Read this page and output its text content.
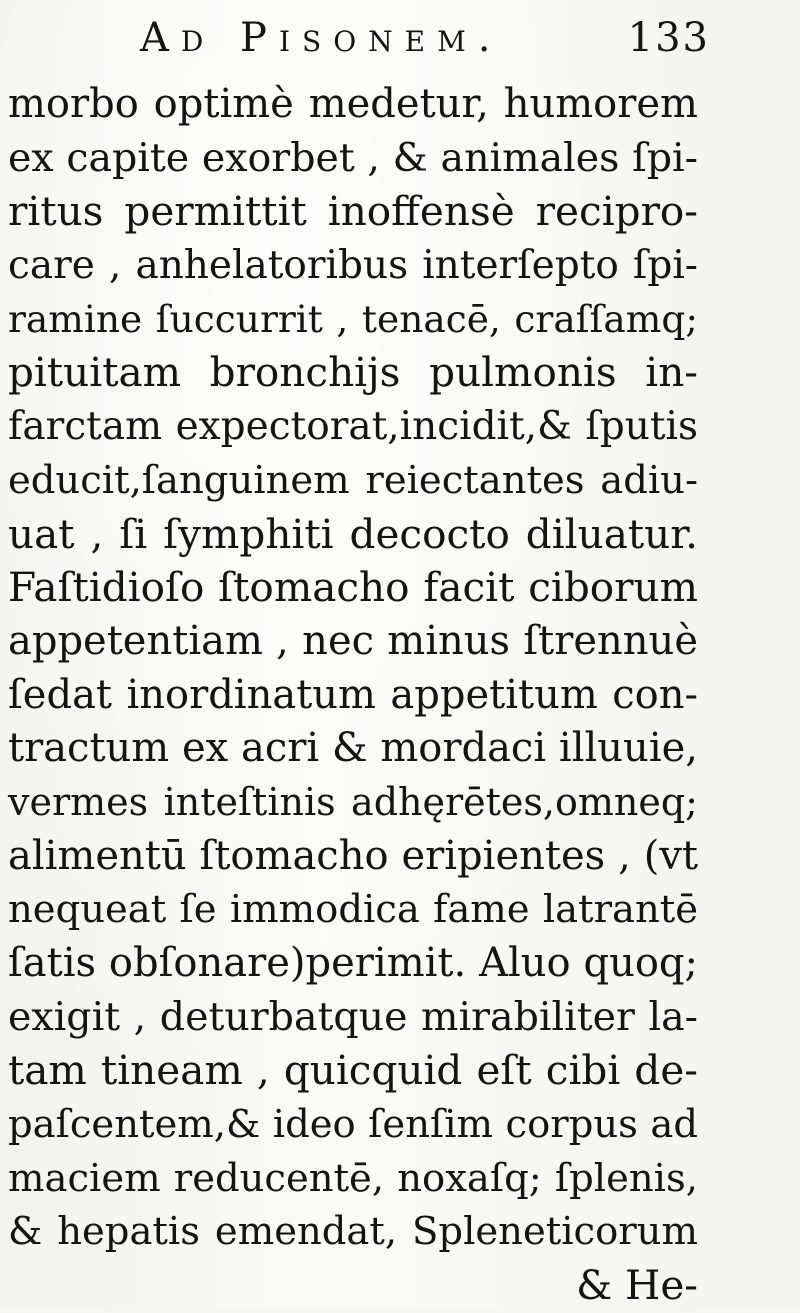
Ad Pisonem.	133
morbo optimè medetur, humorem
ex capite exorbet , & animales ſpi-
ritus permittit inoffensè recipro-
care , anhelatoribus interſepto ſpi-
ramine ſuccurrit , tenacē, craſſamq;
pituitam bronchijs pulmonis in-
farctam expectorat,incidit,& ſputis
educit,ſanguinem reiectantes adiu-
uat , ſi ſymphiti decocto diluatur.
Faſtidioſo ſtomacho facit ciborum
appetentiam , nec minus ſtrennuè
ſedat inordinatum appetitum con-
tractum ex acri & mordaci illuuie,
vermes inteſtinis adhęrētes,omneq;
alimentū ſtomacho eripientes , (vt
nequeat ſe immodica fame latrantē
ſatis obſonare)perimit. Aluo quoq;
exigit , deturbatque mirabiliter la-
tam tineam , quicquid eſt cibi de-
paſcentem,& ideo ſenſim corpus ad
maciem reducentē, noxaſq; ſplenis,
& hepatis emendat, Spleneticorum
& He-
